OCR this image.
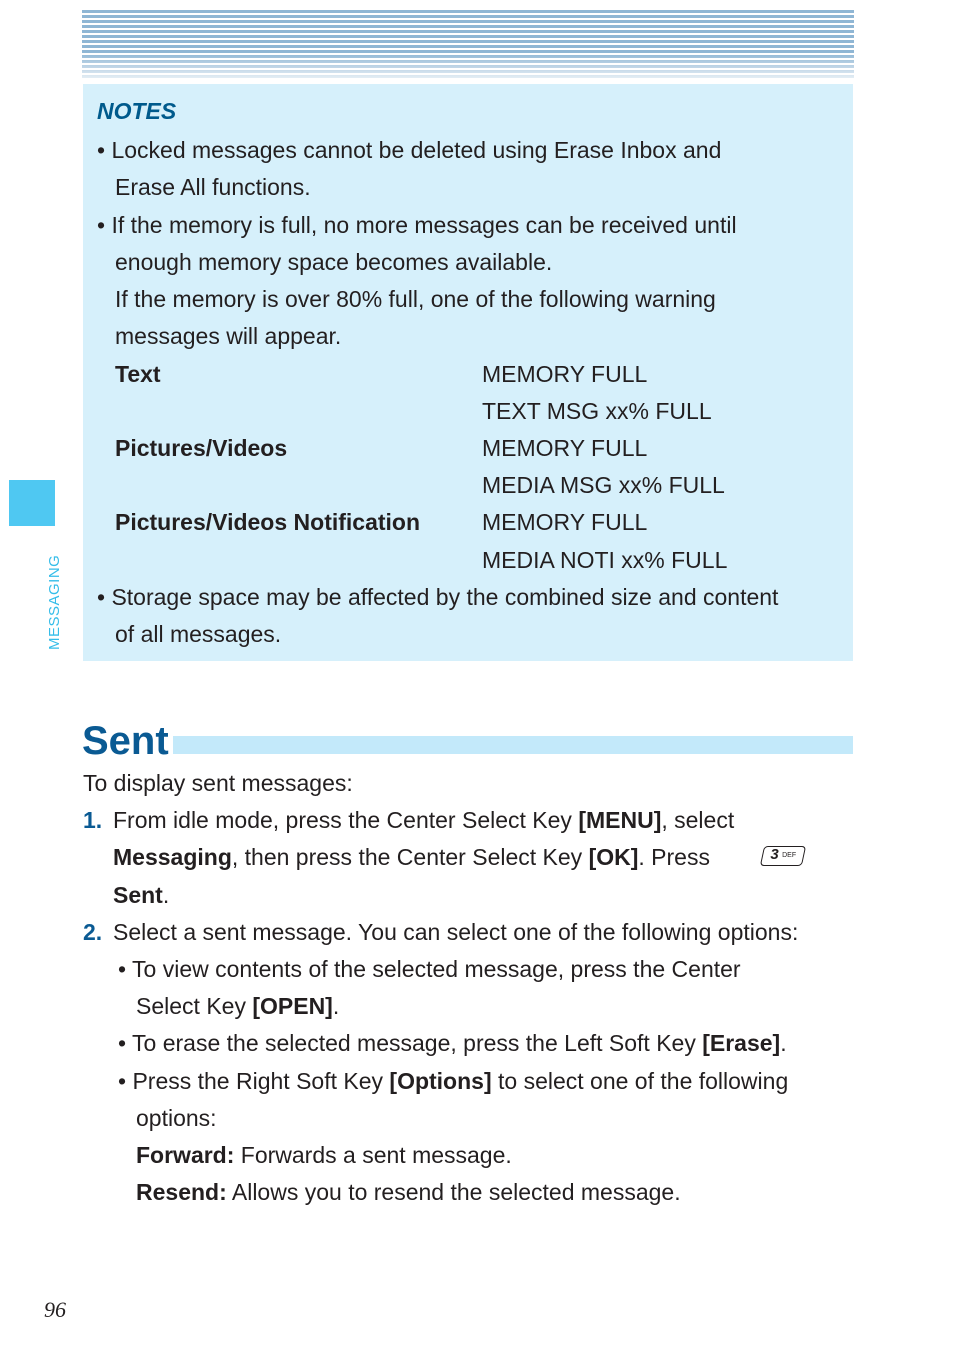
MESSAGING
NOTES
• Locked messages cannot be deleted using Erase Inbox and
Erase All functions.
• If the memory is full, no more messages can be received until
enough memory space becomes available.
If the memory is over 80% full, one of the following warning
messages will appear.
Text	MEMORY FULL
TEXT MSG xx% FULL
Pictures/Videos	MEMORY FULL
MEDIA MSG xx% FULL
Pictures/Videos Notification	MEMORY FULL
MEDIA NOTI xx% FULL
• Storage space may be affected by the combined size and content
of all messages.
Sent
To display sent messages:
1. From idle mode, press the Center Select Key [MENU], select
Messaging, then press the Center Select Key [OK]. Press	3 DEF
Sent.
2. Select a sent message. You can select one of the following options:
• To view contents of the selected message, press the Center
Select Key [OPEN].
• To erase the selected message, press the Left Soft Key [Erase].
• Press the Right Soft Key [Options] to select one of the following
options:
Forward: Forwards a sent message.
Resend: Allows you to resend the selected message.
96
